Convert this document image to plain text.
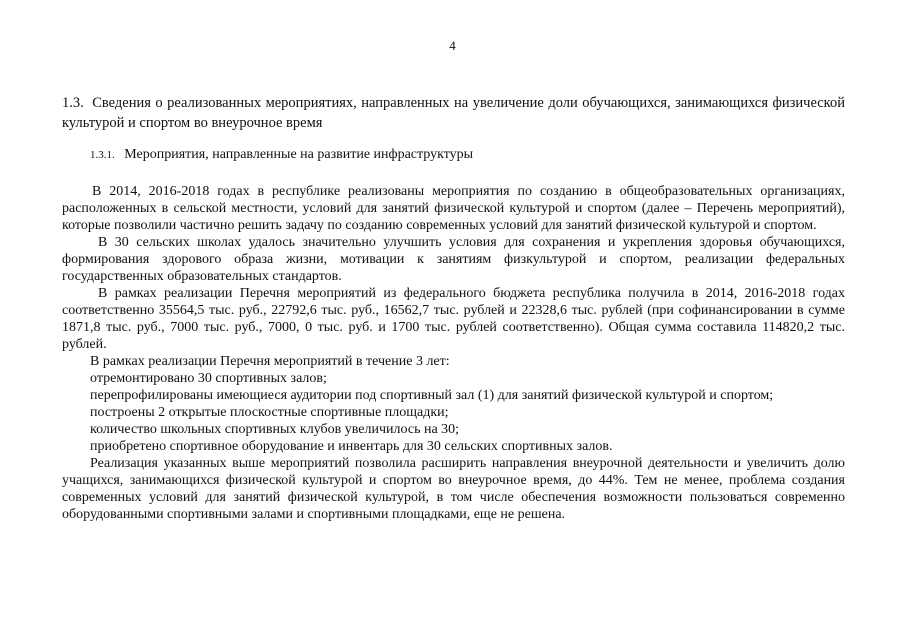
4

1.3. Сведения о реализованных мероприятиях, направленных на увеличение доли обучающихся, занимающихся физической культурой и спортом во внеурочное время

1.3.1. Мероприятия, направленные на развитие инфраструктуры

В 2014, 2016-2018 годах в республике реализованы мероприятия по созданию в общеобразовательных организациях, расположенных в сельской местности, условий для занятий физической культурой и спортом (далее – Перечень мероприятий), которые позволили частично решить задачу по созданию современных условий для занятий физической культурой и спортом.

В 30 сельских школах удалось значительно улучшить условия для сохранения и укрепления здоровья обучающихся, формирования здорового образа жизни, мотивации к занятиям физкультурой и спортом, реализации федеральных государственных образовательных стандартов.

В рамках реализации Перечня мероприятий из федерального бюджета республика получила в 2014, 2016-2018 годах соответственно 35564,5 тыс. руб., 22792,6 тыс. руб., 16562,7 тыс. рублей и 22328,6 тыс. рублей (при софинансировании в сумме 1871,8 тыс. руб., 7000 тыс. руб., 7000, 0 тыс. руб. и 1700 тыс. рублей соответственно). Общая сумма составила 114820,2 тыс. рублей.

В рамках реализации Перечня мероприятий в течение 3 лет:
отремонтировано 30 спортивных залов;
перепрофилированы имеющиеся аудитории под спортивный зал (1) для занятий физической культурой и спортом;
построены 2 открытые плоскостные спортивные площадки;
количество школьных спортивных клубов увеличилось на 30;
приобретено спортивное оборудование и инвентарь для 30 сельских спортивных залов.

Реализация указанных выше мероприятий позволила расширить направления внеурочной деятельности и увеличить долю учащихся, занимающихся физической культурой и спортом во внеурочное время, до 44%. Тем не менее, проблема создания современных условий для занятий физической культурой, в том числе обеспечения возможности пользоваться современно оборудованными спортивными залами и спортивными площадками, еще не решена.
